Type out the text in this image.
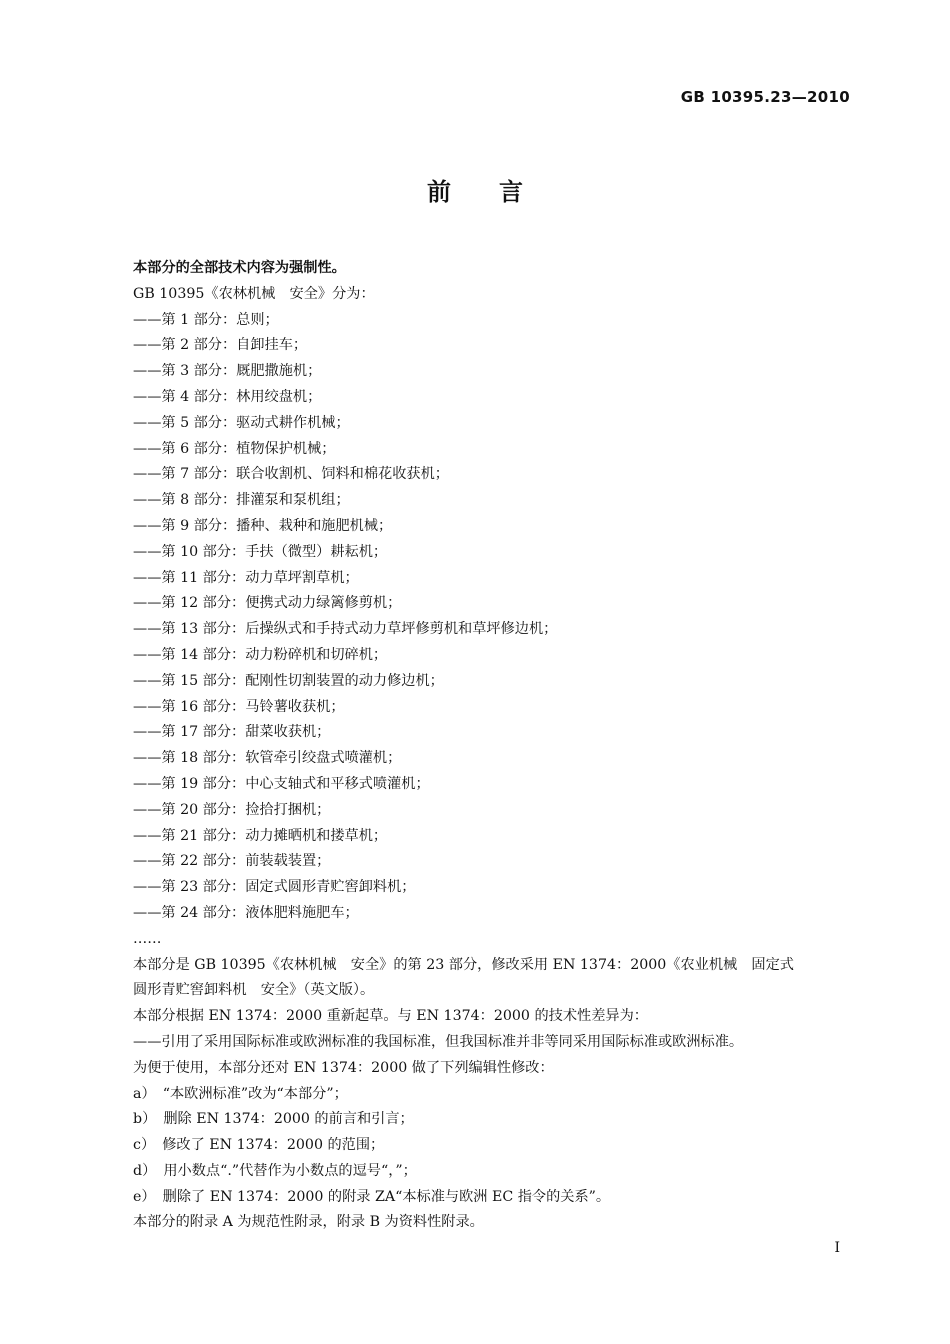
GB 10395.23—2010
前言
本部分的全部技术内容为强制性。
GB 10395《农林机械　安全》分为：
——第 1 部分：总则；
——第 2 部分：自卸挂车；
——第 3 部分：厩肥撒施机；
——第 4 部分：林用绞盘机；
——第 5 部分：驱动式耕作机械；
——第 6 部分：植物保护机械；
——第 7 部分：联合收割机、饲料和棉花收获机；
——第 8 部分：排灌泵和泵机组；
——第 9 部分：播种、栽种和施肥机械；
——第 10 部分：手扶（微型）耕耘机；
——第 11 部分：动力草坪割草机；
——第 12 部分：便携式动力绿篱修剪机；
——第 13 部分：后操纵式和手持式动力草坪修剪机和草坪修边机；
——第 14 部分：动力粉碎机和切碎机；
——第 15 部分：配刚性切割装置的动力修边机；
——第 16 部分：马铃薯收获机；
——第 17 部分：甜菜收获机；
——第 18 部分：软管牵引绞盘式喷灌机；
——第 19 部分：中心支轴式和平移式喷灌机；
——第 20 部分：捡拾打捆机；
——第 21 部分：动力摊晒机和搂草机；
——第 22 部分：前装载装置；
——第 23 部分：固定式圆形青贮窖卸料机；
——第 24 部分：液体肥料施肥车；
……
本部分是 GB 10395《农林机械　安全》的第 23 部分，修改采用 EN 1374：2000《农业机械　固定式
圆形青贮窖卸料机　安全》（英文版）。
本部分根据 EN 1374：2000 重新起草。与 EN 1374：2000 的技术性差异为：
——引用了采用国际标准或欧洲标准的我国标准，但我国标准并非等同采用国际标准或欧洲标准。
为便于使用，本部分还对 EN 1374：2000 做了下列编辑性修改：
a）　“本欧洲标准”改为“本部分”；
b）　删除 EN 1374：2000 的前言和引言；
c）　修改了 EN 1374：2000 的范围；
d）　用小数点“.”代替作为小数点的逗号“，”；
e）　删除了 EN 1374：2000 的附录 ZA“本标准与欧洲 EC 指令的关系”。
本部分的附录 A 为规范性附录，附录 B 为资料性附录。
I
